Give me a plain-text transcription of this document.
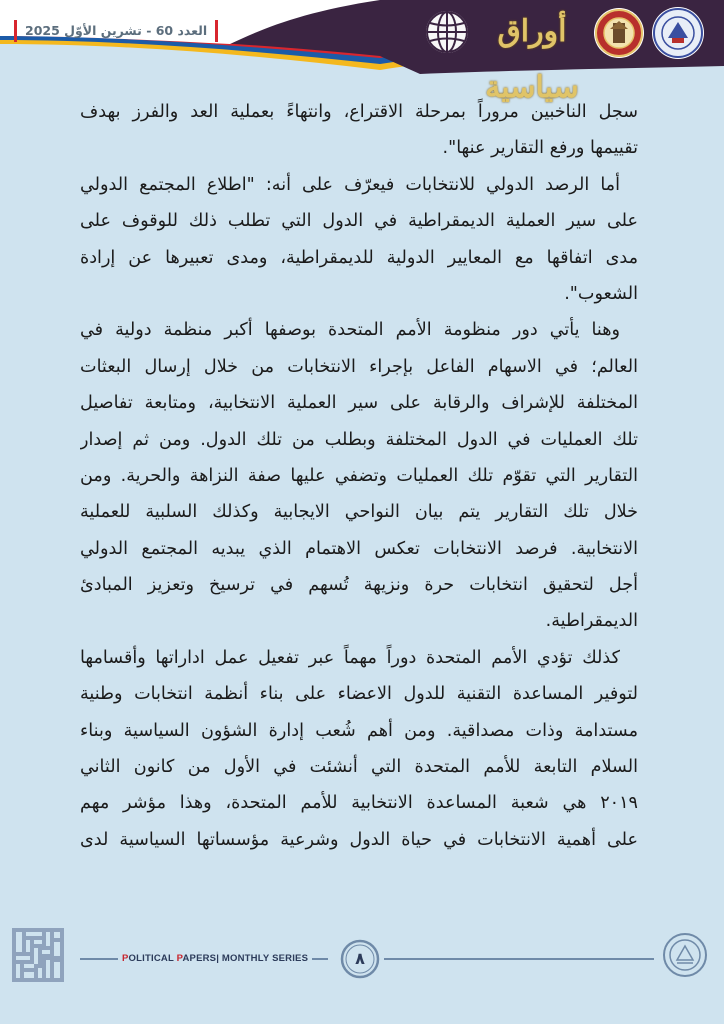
العدد 60 - تشرين الأوّل 2025	أوراق سياسية
سجل الناخبين مروراً بمرحلة الاقتراع، وانتهاءً بعملية العد والفرز بهدف
تقييمها ورفع التقارير عنها".
أما الرصد الدولي للانتخابات فيعرّف على أنه: "اطلاع المجتمع الدولي
على سير العملية الديمقراطية في الدول التي تطلب ذلك للوقوف على
مدى اتفاقها مع المعايير الدولية للديمقراطية، ومدى تعبيرها عن إرادة
الشعوب".
وهنا يأتي دور منظومة الأمم المتحدة بوصفها أكبر منظمة دولية في
العالم؛ في الاسهام الفاعل بإجراء الانتخابات من خلال إرسال البعثات
المختلفة للإشراف والرقابة على سير العملية الانتخابية، ومتابعة تفاصيل
تلك العمليات في الدول المختلفة وبطلب من تلك الدول. ومن ثم إصدار
التقارير التي تقوّم تلك العمليات وتضفي عليها صفة النزاهة والحرية. ومن
خلال تلك التقارير يتم بيان النواحي الايجابية وكذلك السلبية للعملية
الانتخابية. فرصد الانتخابات تعكس الاهتمام الذي يبديه المجتمع الدولي
أجل لتحقيق انتخابات حرة ونزيهة تُسهم في ترسيخ وتعزيز المبادئ
الديمقراطية.
كذلك تؤدي الأمم المتحدة دوراً مهماً عبر تفعيل عمل اداراتها وأقسامها
لتوفير المساعدة التقنية للدول الاعضاء على بناء أنظمة انتخابات وطنية
مستدامة وذات مصداقية. ومن أهم شُعب إدارة الشؤون السياسية وبناء
السلام التابعة للأمم المتحدة التي أنشئت في الأول من كانون الثاني
٢٠١٩ هي شعبة المساعدة الانتخابية للأمم المتحدة، وهذا مؤشر مهم
على أهمية الانتخابات في حياة الدول وشرعية مؤسساتها السياسية لدى
POLITICAL PAPERS| MONTHLY SERIES	٨
